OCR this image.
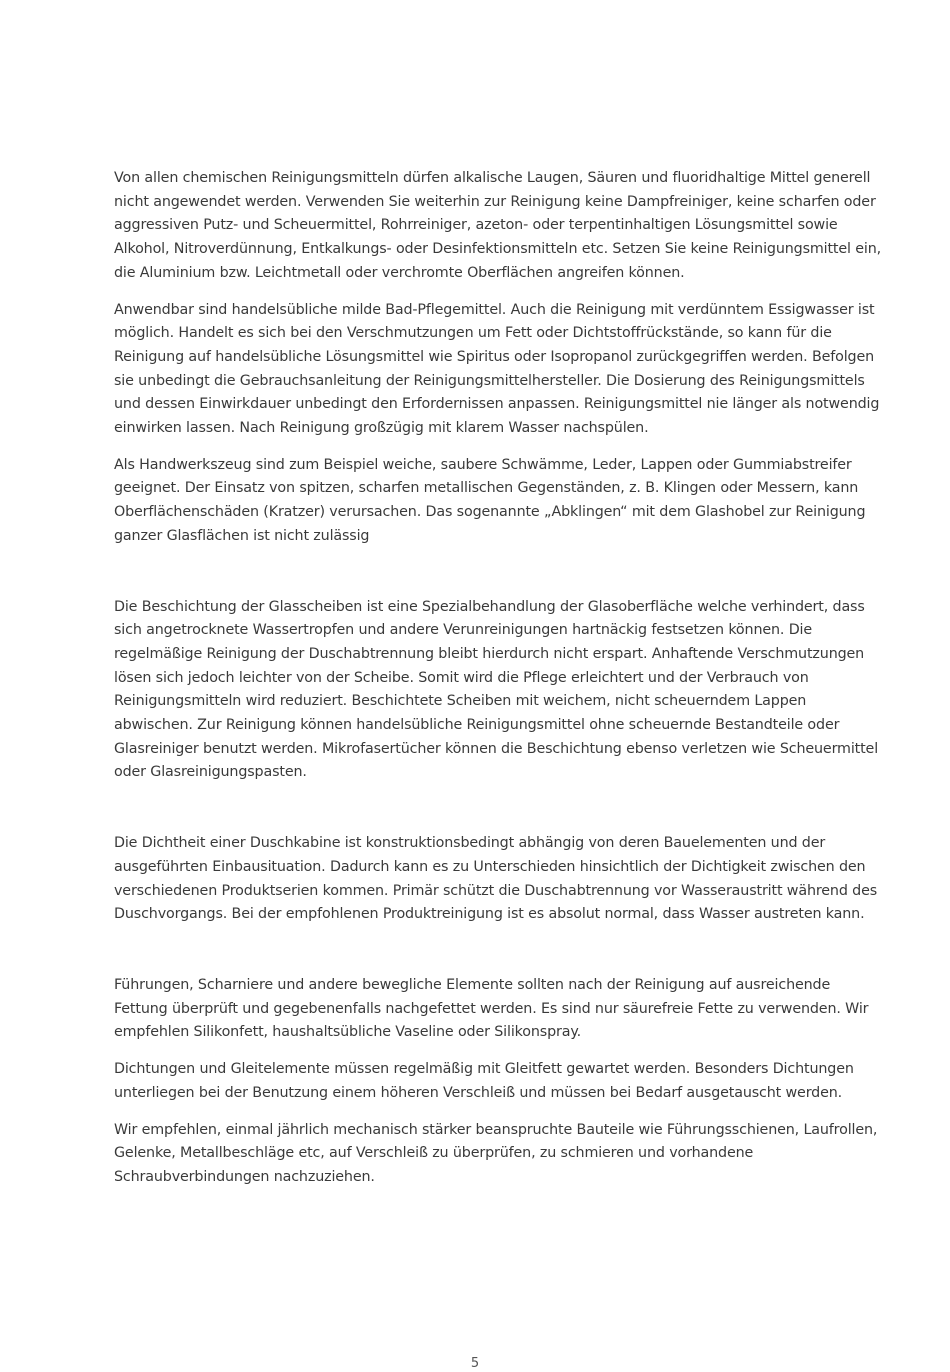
Von allen chemischen Reinigungsmitteln dürfen alkalische Laugen, Säuren und fluoridhaltige Mittel generell nicht angewendet werden. Verwenden Sie weiterhin zur Reinigung keine Dampfreiniger, keine scharfen oder aggressiven Putz- und Scheuermittel, Rohrreiniger, azeton- oder terpentinhaltigen Lösungsmittel sowie Alkohol, Nitroverdünnung, Entkalkungs- oder Desinfektionsmitteln etc. Setzen Sie keine Reinigungsmittel ein, die Aluminium bzw. Leichtmetall oder verchromte Oberflächen angreifen können.

Anwendbar sind handelsübliche milde Bad-Pflegemittel. Auch die Reinigung mit verdünntem Essigwasser ist möglich. Handelt es sich bei den Verschmutzungen um Fett oder Dichtstoffrückstände, so kann für die Reinigung auf handelsübliche Lösungsmittel wie Spiritus oder Isopropanol zurückgegriffen werden. Befolgen sie unbedingt die Gebrauchsanleitung der Reinigungsmittelhersteller. Die Dosierung des Reinigungsmittels und dessen Einwirkdauer unbedingt den Erfordernissen anpassen. Reinigungsmittel nie länger als notwendig einwirken lassen. Nach Reinigung großzügig mit klarem Wasser nachspülen.

Als Handwerkszeug sind zum Beispiel weiche, saubere Schwämme, Leder, Lappen oder Gummiabstreifer geeignet. Der Einsatz von spitzen, scharfen metallischen Gegenständen, z. B. Klingen oder Messern, kann Oberflächenschäden (Kratzer) verursachen. Das sogenannte „Abklingen“ mit dem Glashobel zur Reinigung ganzer Glasflächen ist nicht zulässig

Die Beschichtung der Glasscheiben ist eine Spezialbehandlung der Glasoberfläche welche verhindert, dass sich angetrocknete Wassertropfen und andere Verunreinigungen hartnäckig festsetzen können. Die regelmäßige Reinigung der Duschabtrennung bleibt hierdurch nicht erspart. Anhaftende Verschmutzungen lösen sich jedoch leichter von der Scheibe. Somit wird die Pflege erleichtert und der Verbrauch von Reinigungsmitteln wird reduziert. Beschichtete Scheiben mit weichem, nicht scheuerndem Lappen abwischen. Zur Reinigung können handelsübliche Reinigungsmittel ohne scheuernde Bestandteile oder Glasreiniger benutzt werden. Mikrofasertücher können die Beschichtung ebenso verletzen wie Scheuermittel oder Glasreinigungspasten.

Die Dichtheit einer Duschkabine ist konstruktionsbedingt abhängig von deren Bauelementen und der ausgeführten Einbausituation. Dadurch kann es zu Unterschieden hinsichtlich der Dichtigkeit zwischen den verschiedenen Produktserien kommen. Primär schützt die Duschabtrennung vor Wasseraustritt während des Duschvorgangs. Bei der empfohlenen Produktreinigung ist es absolut normal, dass Wasser austreten kann.

Führungen, Scharniere und andere bewegliche Elemente sollten nach der Reinigung auf ausreichende Fettung überprüft und gegebenenfalls nachgefettet werden. Es sind nur säurefreie Fette zu verwenden. Wir empfehlen Silikonfett, haushaltsübliche Vaseline oder Silikonspray.

Dichtungen und Gleitelemente müssen regelmäßig mit Gleitfett gewartet werden. Besonders Dichtungen unterliegen bei der Benutzung einem höheren Verschleiß und müssen bei Bedarf ausgetauscht werden.

Wir empfehlen, einmal jährlich mechanisch stärker beanspruchte Bauteile wie Führungsschienen, Laufrollen, Gelenke, Metallbeschläge etc, auf Verschleiß zu überprüfen, zu schmieren und vorhandene Schraubverbindungen nachzuziehen.

5
